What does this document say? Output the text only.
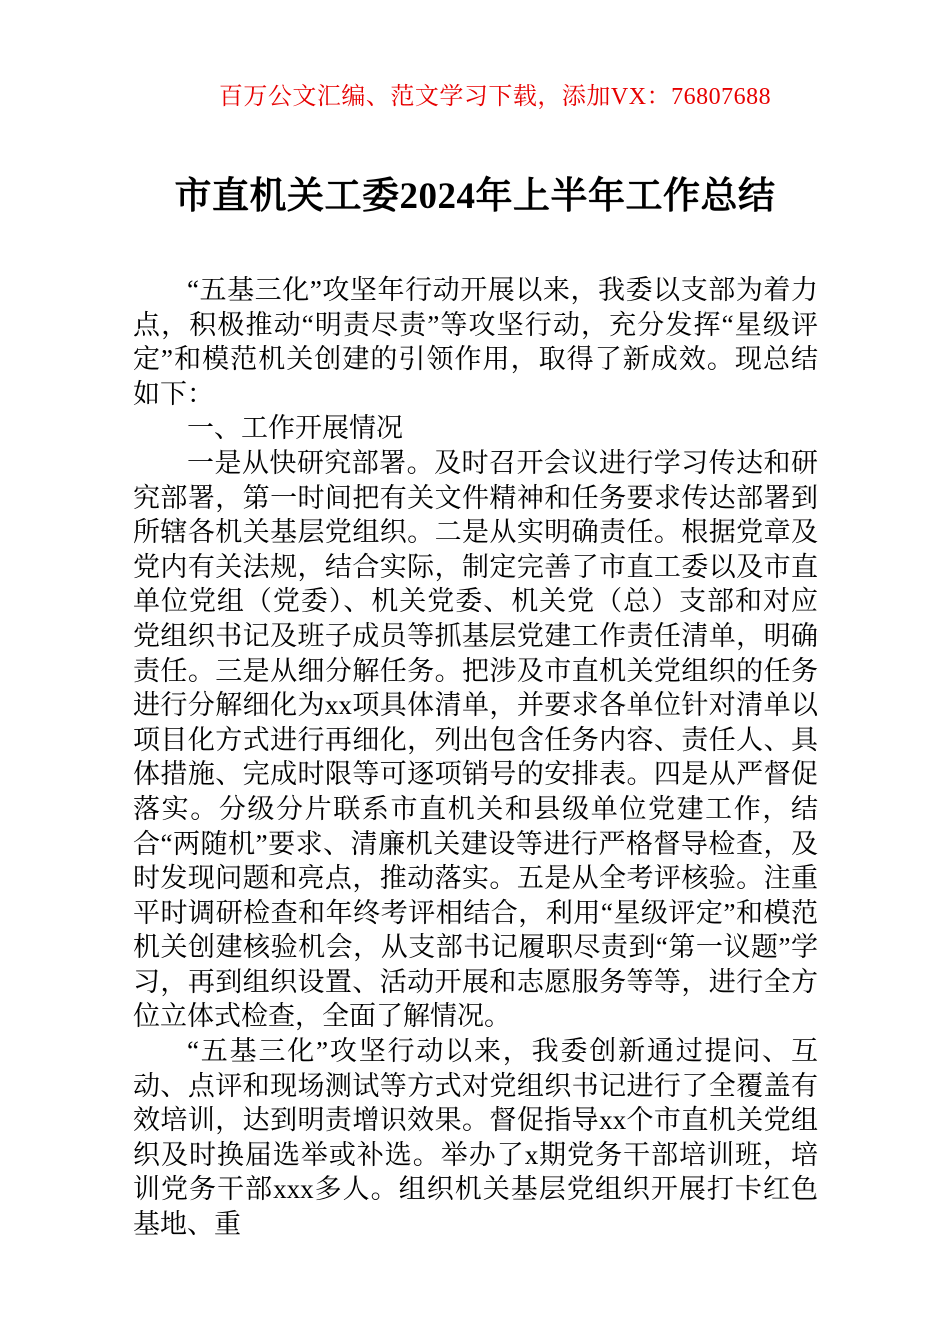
百万公文汇编、范文学习下载，添加VX：76807688
市直机关工委2024年上半年工作总结

“五基三化”攻坚年行动开展以来，我委以支部为着力点，积极推动“明责尽责”等攻坚行动，充分发挥“星级评定”和模范机关创建的引领作用，取得了新成效。现总结如下：

一、工作开展情况

一是从快研究部署。及时召开会议进行学习传达和研究部署，第一时间把有关文件精神和任务要求传达部署到所辖各机关基层党组织。二是从实明确责任。根据党章及党内有关法规，结合实际，制定完善了市直工委以及市直单位党组（党委）、机关党委、机关党（总）支部和对应党组织书记及班子成员等抓基层党建工作责任清单，明确责任。三是从细分解任务。把涉及市直机关党组织的任务进行分解细化为xx项具体清单，并要求各单位针对清单以项目化方式进行再细化，列出包含任务内容、责任人、具体措施、完成时限等可逐项销号的安排表。四是从严督促落实。分级分片联系市直机关和县级单位党建工作，结合“两随机”要求、清廉机关建设等进行严格督导检查，及时发现问题和亮点，推动落实。五是从全考评核验。注重平时调研检查和年终考评相结合，利用“星级评定”和模范机关创建核验机会，从支部书记履职尽责到“第一议题”学习，再到组织设置、活动开展和志愿服务等等，进行全方位立体式检查，全面了解情况。

“五基三化”攻坚行动以来，我委创新通过提问、互动、点评和现场测试等方式对党组织书记进行了全覆盖有效培训，达到明责增识效果。督促指导xx个市直机关党组织及时换届选举或补选。举办了x期党务干部培训班，培训党务干部xxx多人。组织机关基层党组织开展打卡红色基地、重
